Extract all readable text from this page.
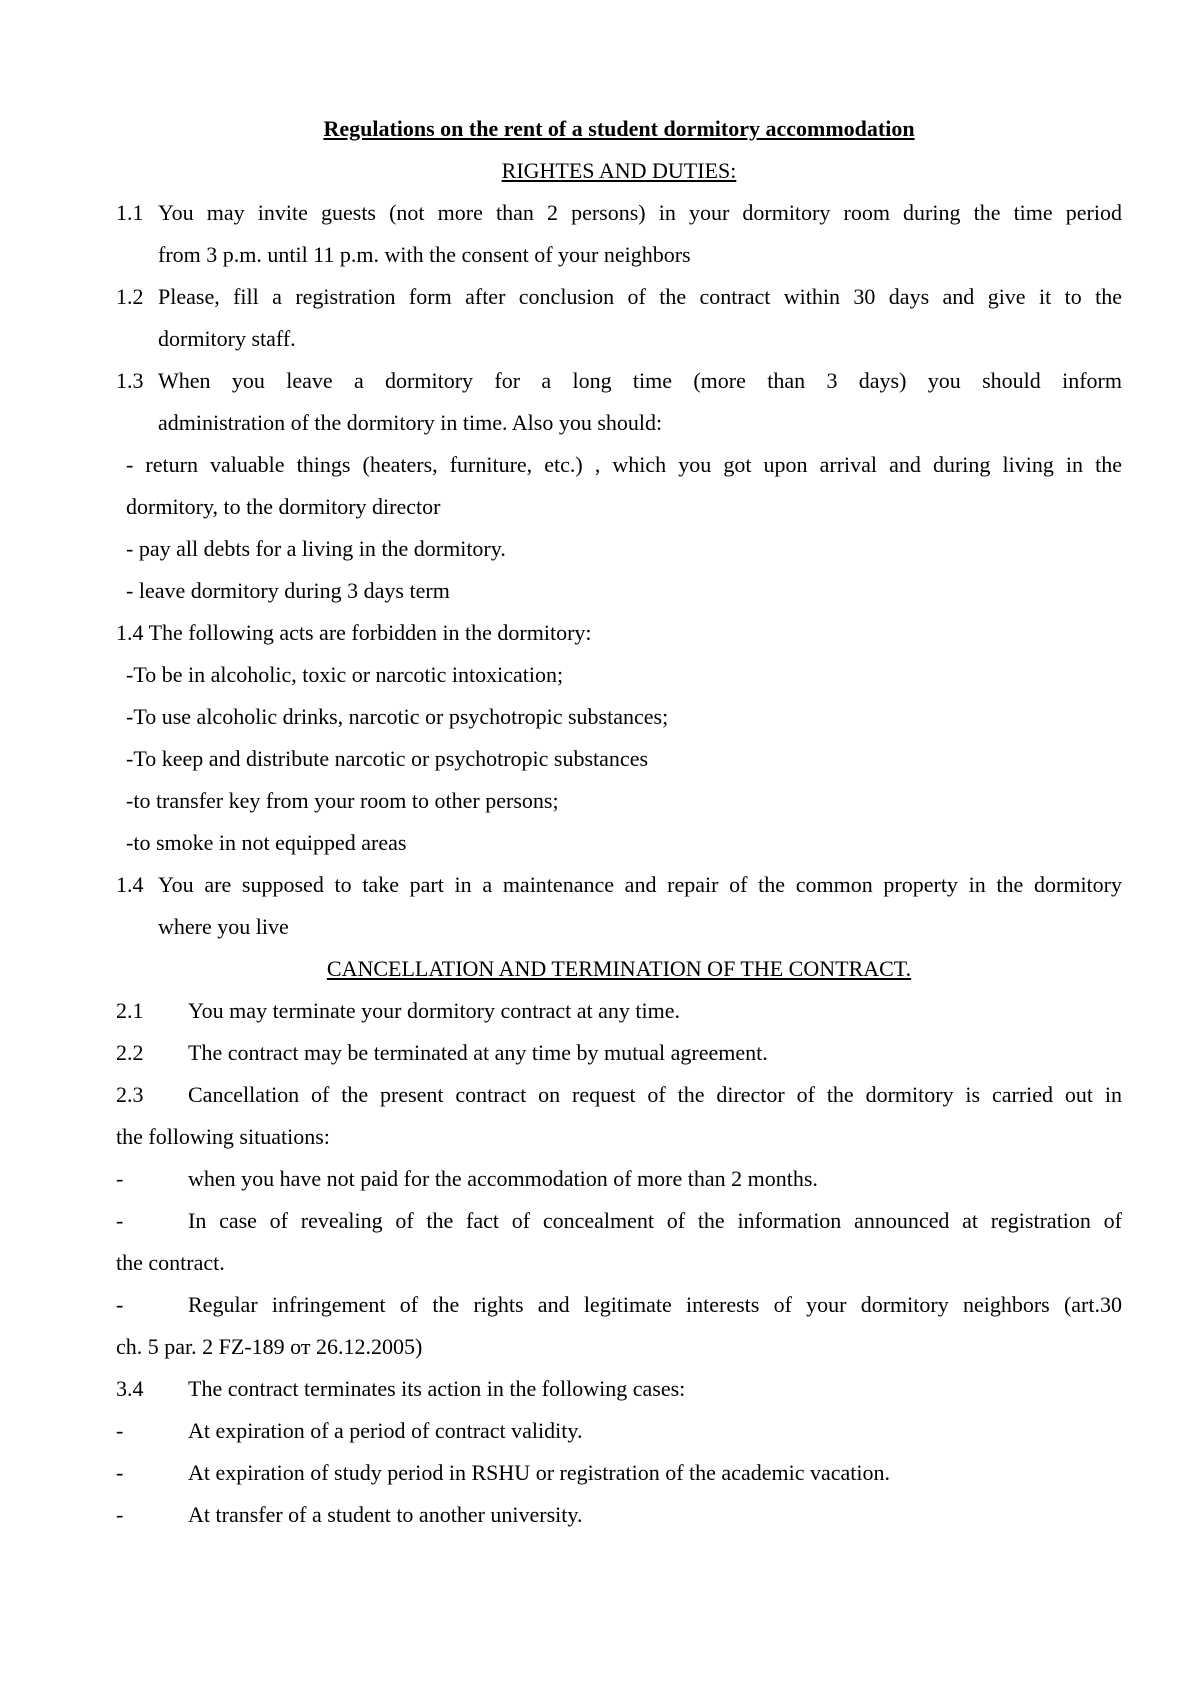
Regulations on the rent of a student dormitory accommodation
RIGHTES AND DUTIES:
1.1 You may invite guests (not more than 2 persons) in your dormitory room during the time period
from 3 p.m. until 11 p.m. with the consent of your neighbors
1.2 Please, fill a registration form after conclusion of the contract within 30 days and give it to the
dormitory staff.
1.3 When you leave a dormitory for a long time (more than 3 days) you should inform
administration of the dormitory in time. Also you should:
- return valuable things (heaters, furniture, etc.) , which you got upon arrival and during living in the
dormitory, to the dormitory director
- pay all debts for a living in the dormitory.
- leave dormitory during 3 days term
1.4 The following acts are forbidden in the dormitory:
-To be in alcoholic, toxic or narcotic intoxication;
-To use alcoholic drinks, narcotic or psychotropic substances;
-To keep and distribute narcotic or psychotropic substances
-to transfer key from your room to other persons;
-to smoke in not equipped areas
1.4 You are supposed to take part in a maintenance and repair of the common property in the dormitory
where you live
CANCELLATION AND TERMINATION OF THE CONTRACT.
2.1 You may terminate your dormitory contract at any time.
2.2 The contract may be terminated at any time by mutual agreement.
2.3 Cancellation of the present contract on request of the director of the dormitory is carried out in
the following situations:
-	when you have not paid for the accommodation of more than 2 months.
-	In case of revealing of the fact of concealment of the information announced at registration of
the contract.
-	Regular infringement of the rights and legitimate interests of your dormitory neighbors (art.30
ch. 5 par. 2 FZ-189 от 26.12.2005)
3.4 The contract terminates its action in the following cases:
-	At expiration of a period of contract validity.
-	At expiration of study period in RSHU or registration of the academic vacation.
-	At transfer of a student to another university.
